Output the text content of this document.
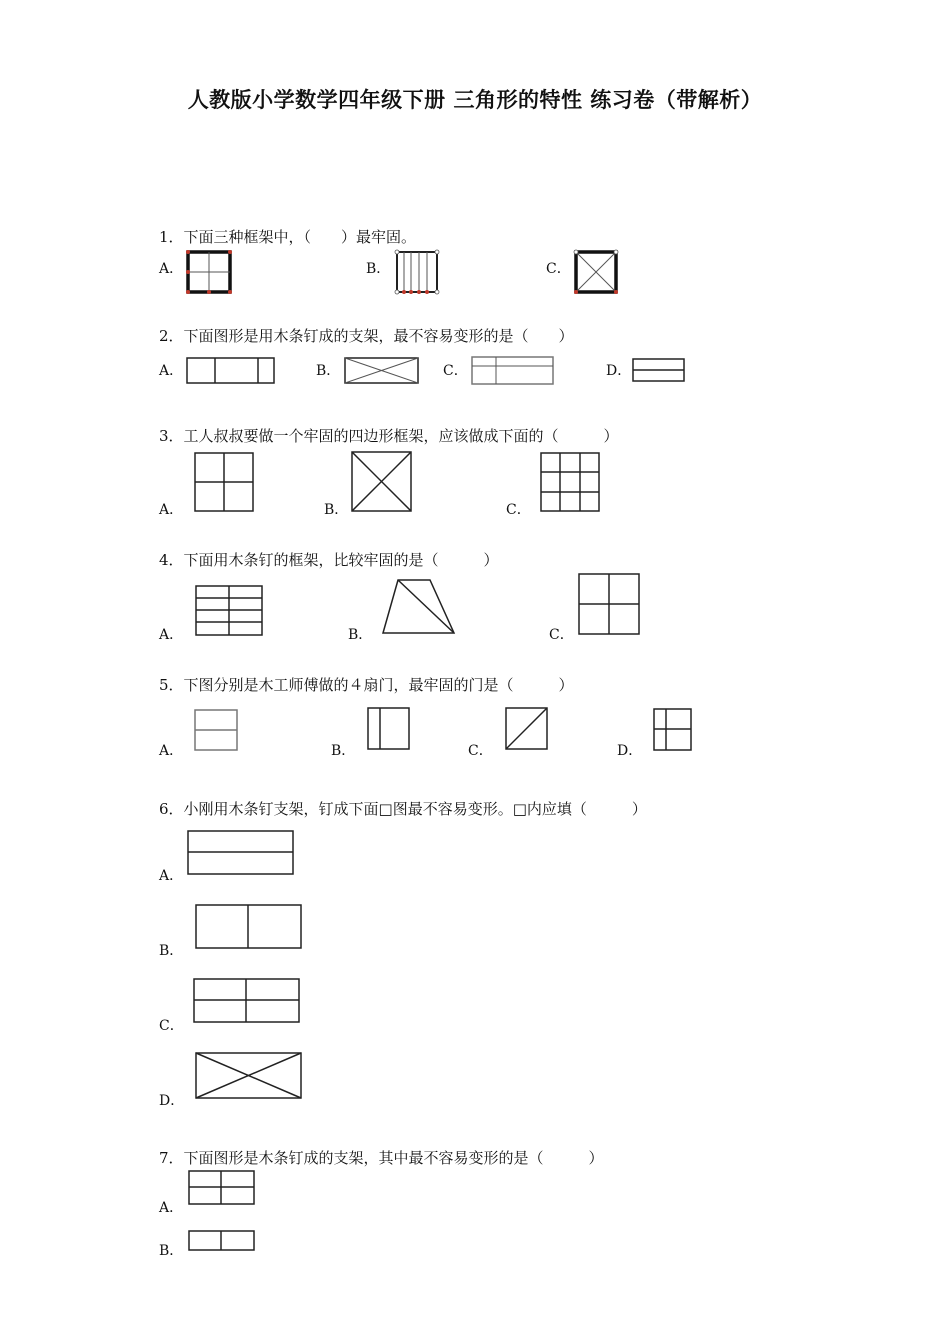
人教版小学数学四年级下册 三角形的特性 练习卷（带解析）
1．下面三种框架中，（　　）最牢固。
A．	B．	C．
2．下面图形是用木条钉成的支架，最不容易变形的是（　　）
A．	B．	C．	D．
3．工人叔叔要做一个牢固的四边形框架，应该做成下面的（　　　）
A．	B．	C．
4．下面用木条钉的框架，比较牢固的是（　　　）
A．	B．	C．
5．下图分别是木工师傅做的４扇门，最牢固的门是（　　　）
A．	B．	C．	D．
6．小刚用木条钉支架，钉成下面□图最不容易变形。□内应填（　　　）
A．
B．
C．
D．
7．下面图形是木条钉成的支架，其中最不容易变形的是（　　　）
A．
B．
